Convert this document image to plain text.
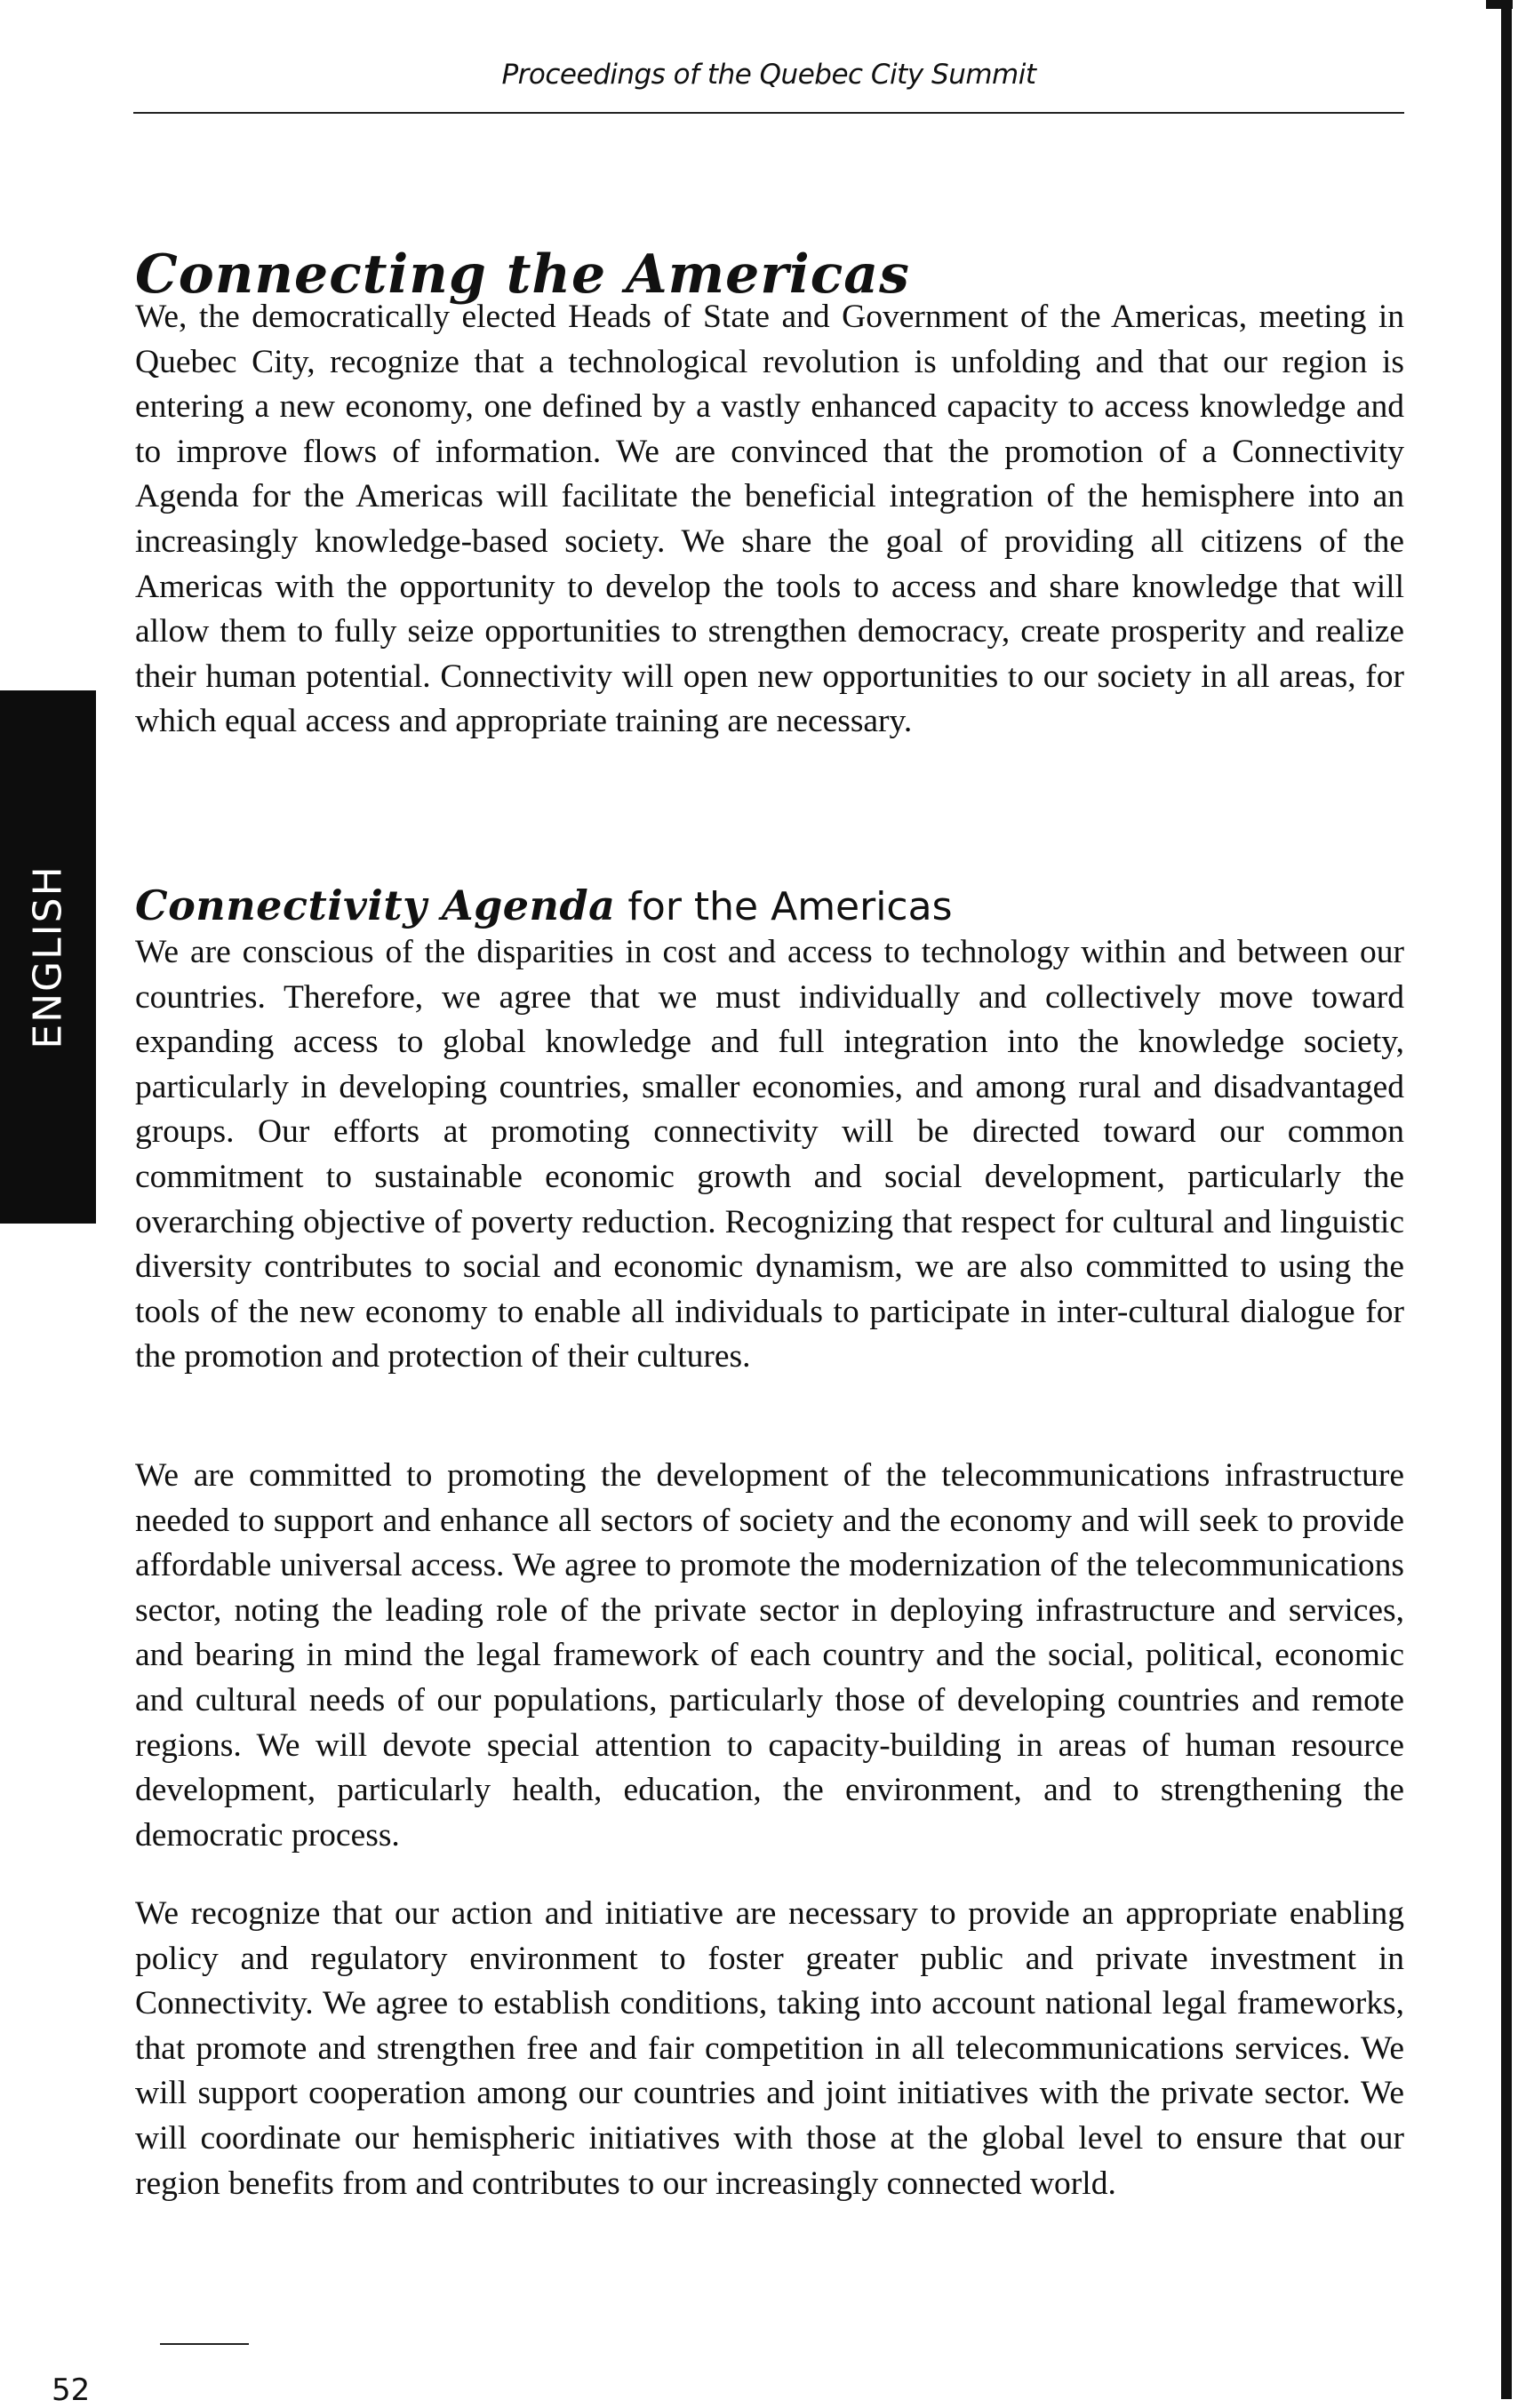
Proceedings of the Quebec City Summit
ENGLISH
Connecting the Americas

We, the democratically elected Heads of State and Government of the Americas, meeting in Quebec City, recognize that a technological revolution is unfolding and that our region is entering a new economy, one defined by a vastly enhanced capacity to access knowledge and to improve flows of information. We are convinced that the promotion of a Connectivity Agenda for the Americas will facilitate the beneficial integration of the hemisphere into an increasingly knowledge-based society. We share the goal of providing all citizens of the Americas with the opportunity to develop the tools to access and share knowledge that will allow them to fully seize opportunities to strengthen democracy, create prosperity and realize their human potential. Connectivity will open new opportunities to our society in all areas, for which equal access and appropriate training are necessary.

Connectivity Agenda for the Americas

We are conscious of the disparities in cost and access to technology within and between our countries. Therefore, we agree that we must individually and collectively move toward expanding access to global knowledge and full integration into the knowledge society, particularly in developing countries, smaller economies, and among rural and disadvantaged groups. Our efforts at promoting connectivity will be directed toward our common commitment to sustainable economic growth and social development, particularly the overarching objective of poverty reduction. Recognizing that respect for cultural and linguistic diversity contributes to social and economic dynamism, we are also committed to using the tools of the new economy to enable all individuals to participate in inter-cultural dialogue for the promotion and protection of their cultures.

We are committed to promoting the development of the telecommunications infrastructure needed to support and enhance all sectors of society and the economy and will seek to provide affordable universal access. We agree to promote the modernization of the telecommunications sector, noting the leading role of the private sector in deploying infrastructure and services, and bearing in mind the legal framework of each country and the social, political, economic and cultural needs of our populations, particularly those of developing countries and remote regions. We will devote special attention to capacity-building in areas of human resource development, particularly health, education, the environment, and to strengthening the democratic process.

We recognize that our action and initiative are necessary to provide an appropriate enabling policy and regulatory environment to foster greater public and private investment in Connectivity. We agree to establish conditions, taking into account national legal frameworks, that promote and strengthen free and fair competition in all telecommunications services. We will support cooperation among our countries and joint initiatives with the private sector. We will coordinate our hemispheric initiatives with those at the global level to ensure that our region benefits from and contributes to our increasingly connected world.

52
